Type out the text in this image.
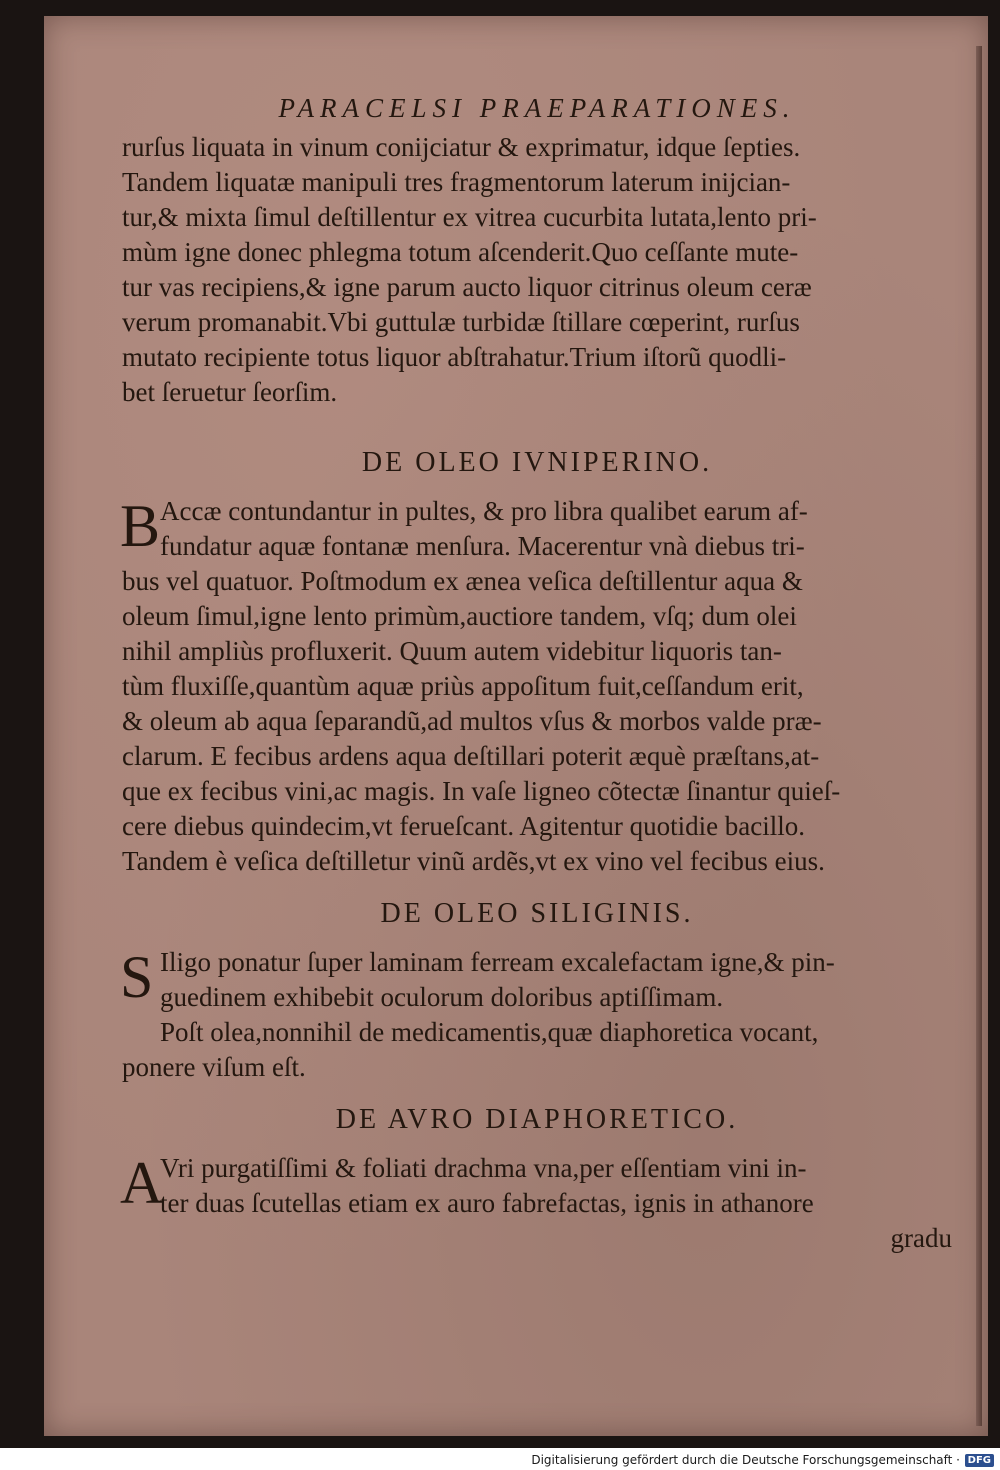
PARACELSI PRAEPARATIONES.
rurſus liquata in vinum conijciatur & exprimatur, idque ſepties.
Tandem liquatæ manipuli tres fragmentorum laterum inijcian-
tur,& mixta ſimul deſtillentur ex vitrea cucurbita lutata,lento pri-
mùm igne donec phlegma totum aſcenderit.Quo ceſſante mute-
tur vas recipiens,& igne parum aucto liquor citrinus oleum ceræ
verum promanabit.Vbi guttulæ turbidæ ſtillare cœperint, rurſus
mutato recipiente totus liquor abſtrahatur.Trium iſtorũ quodli-
bet ſeruetur ſeorſim.
DE OLEO IVNIPERINO.
B Accæ contundantur in pultes, & pro libra qualibet earum af-
fundatur aquæ fontanæ menſura. Macerentur vnà diebus tri-
bus vel quatuor. Poſtmodum ex ænea veſica deſtillentur aqua &
oleum ſimul,igne lento primùm,auctiore tandem, vſq; dum olei
nihil ampliùs profluxerit. Quum autem videbitur liquoris tan-
tùm fluxiſſe,quantùm aquæ priùs appoſitum fuit,ceſſandum erit,
& oleum ab aqua ſeparandũ,ad multos vſus & morbos valde præ-
clarum. E fecibus ardens aqua deſtillari poterit æquè præſtans,at-
que ex fecibus vini,ac magis. In vaſe ligneo cõtectæ ſinantur quieſ-
cere diebus quindecim,vt ferueſcant. Agitentur quotidie bacillo.
Tandem è veſica deſtilletur vinũ ardẽs,vt ex vino vel fecibus eius.
DE OLEO SILIGINIS.
S Iligo ponatur ſuper laminam ferream excalefactam igne,& pin-
guedinem exhibebit oculorum doloribus aptiſſimam.
Poſt olea,nonnihil de medicamentis,quæ diaphoretica vocant,
ponere viſum eſt.
DE AVRO DIAPHORETICO.
A
Vri purgatiſſimi & foliati drachma vna,per eſſentiam vini in-
ter duas ſcutellas etiam ex auro fabrefactas, ignis in athanore
gradu
Digitalisierung gefördert durch die Deutsche Forschungsgemeinschaft · DFG
